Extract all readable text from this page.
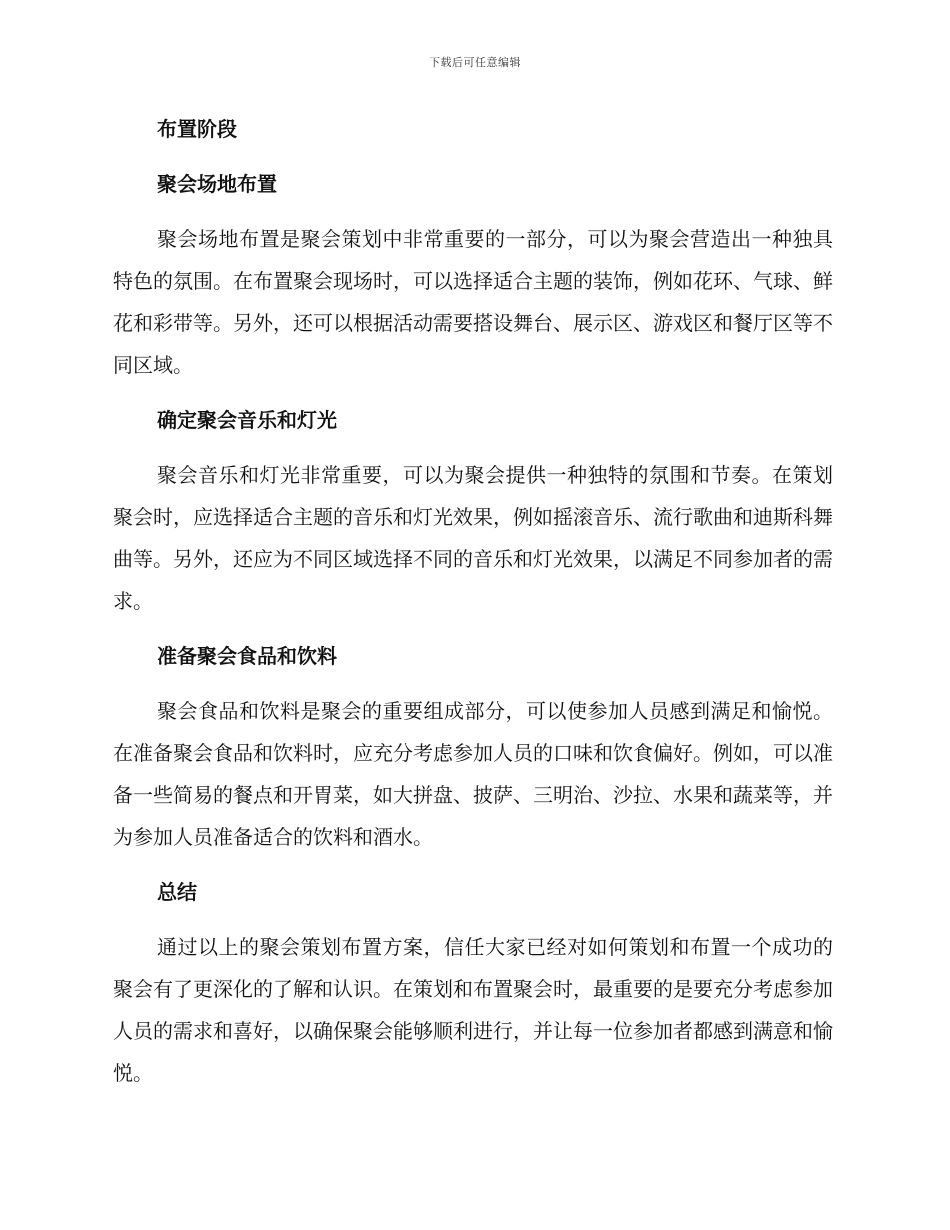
下载后可任意编辑
布置阶段
聚会场地布置

聚会场地布置是聚会策划中非常重要的一部分，可以为聚会营造出一种独具特色的氛围。在布置聚会现场时，可以选择适合主题的装饰，例如花环、气球、鲜花和彩带等。另外，还可以根据活动需要搭设舞台、展示区、游戏区和餐厅区等不同区域。

确定聚会音乐和灯光

聚会音乐和灯光非常重要，可以为聚会提供一种独特的氛围和节奏。在策划聚会时，应选择适合主题的音乐和灯光效果，例如摇滚音乐、流行歌曲和迪斯科舞曲等。另外，还应为不同区域选择不同的音乐和灯光效果，以满足不同参加者的需求。

准备聚会食品和饮料

聚会食品和饮料是聚会的重要组成部分，可以使参加人员感到满足和愉悦。在准备聚会食品和饮料时，应充分考虑参加人员的口味和饮食偏好。例如，可以准备一些简易的餐点和开胃菜，如大拼盘、披萨、三明治、沙拉、水果和蔬菜等，并为参加人员准备适合的饮料和酒水。

总结

通过以上的聚会策划布置方案，信任大家已经对如何策划和布置一个成功的聚会有了更深化的了解和认识。在策划和布置聚会时，最重要的是要充分考虑参加人员的需求和喜好，以确保聚会能够顺利进行，并让每一位参加者都感到满意和愉悦。
